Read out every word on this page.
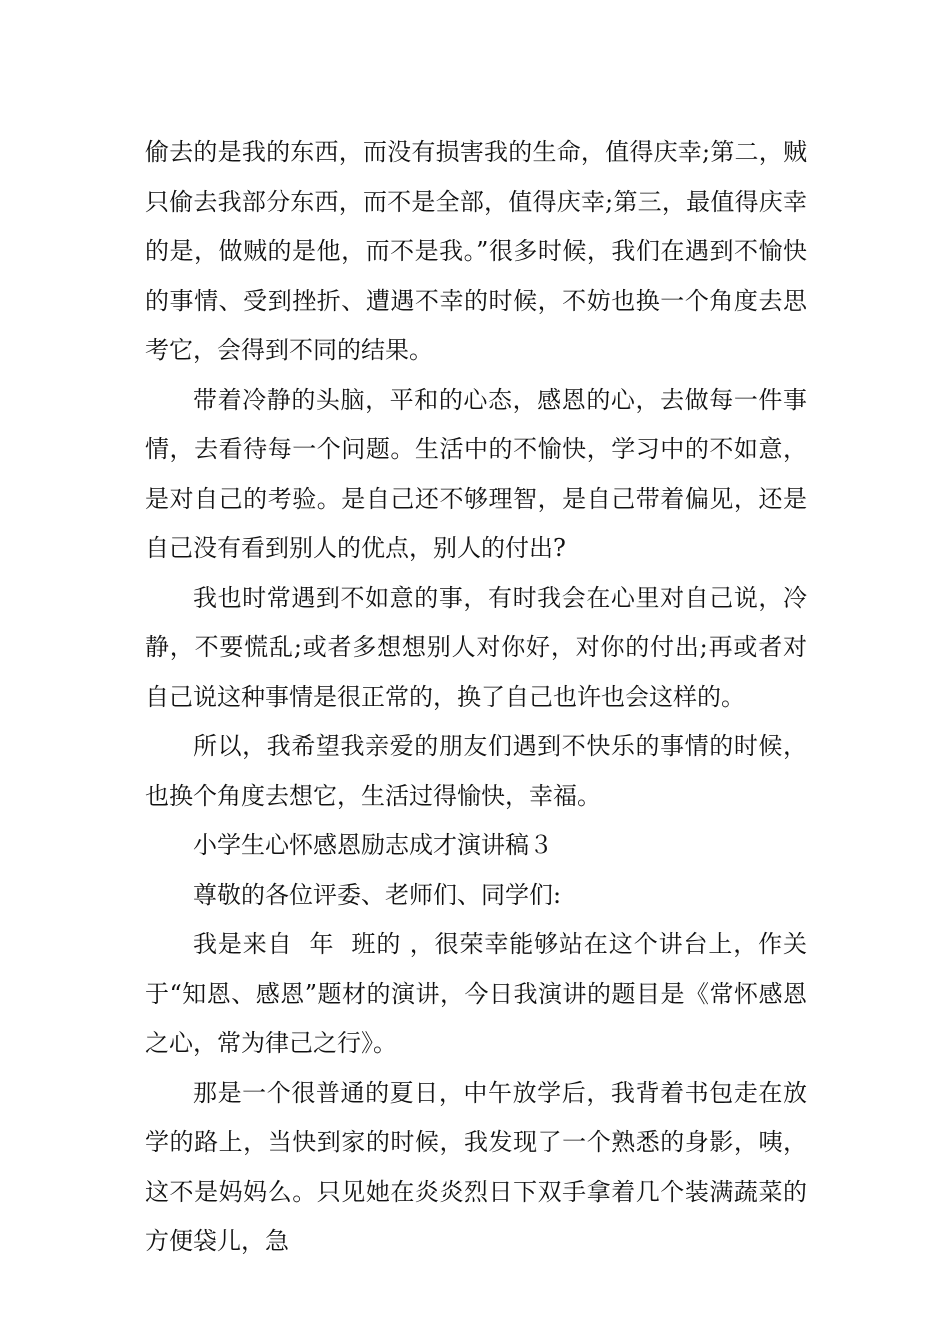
偷去的是我的东西，而没有损害我的生命，值得庆幸;第二，贼只偷去我部分东西，而不是全部，值得庆幸;第三，最值得庆幸的是，做贼的是他，而不是我。”很多时候，我们在遇到不愉快的事情、受到挫折、遭遇不幸的时候，不妨也换一个角度去思考它，会得到不同的结果。

带着冷静的头脑，平和的心态，感恩的心，去做每一件事情，去看待每一个问题。生活中的不愉快，学习中的不如意，是对自己的考验。是自己还不够理智，是自己带着偏见，还是自己没有看到别人的优点，别人的付出?

我也时常遇到不如意的事，有时我会在心里对自己说，冷静，不要慌乱;或者多想想别人对你好，对你的付出;再或者对自己说这种事情是很正常的，换了自己也许也会这样的。

所以，我希望我亲爱的朋友们遇到不快乐的事情的时候，也换个角度去想它，生活过得愉快，幸福。

小学生心怀感恩励志成才演讲稿３

尊敬的各位评委、老师们、同学们:

我是来自  年  班的 ，很荣幸能够站在这个讲台上，作关于“知恩、感恩”题材的演讲，今日我演讲的题目是《常怀感恩之心，常为律己之行》。

那是一个很普通的夏日，中午放学后，我背着书包走在放学的路上，当快到家的时候，我发现了一个熟悉的身影，咦，这不是妈妈么。只见她在炎炎烈日下双手拿着几个装满蔬菜的方便袋儿，急
